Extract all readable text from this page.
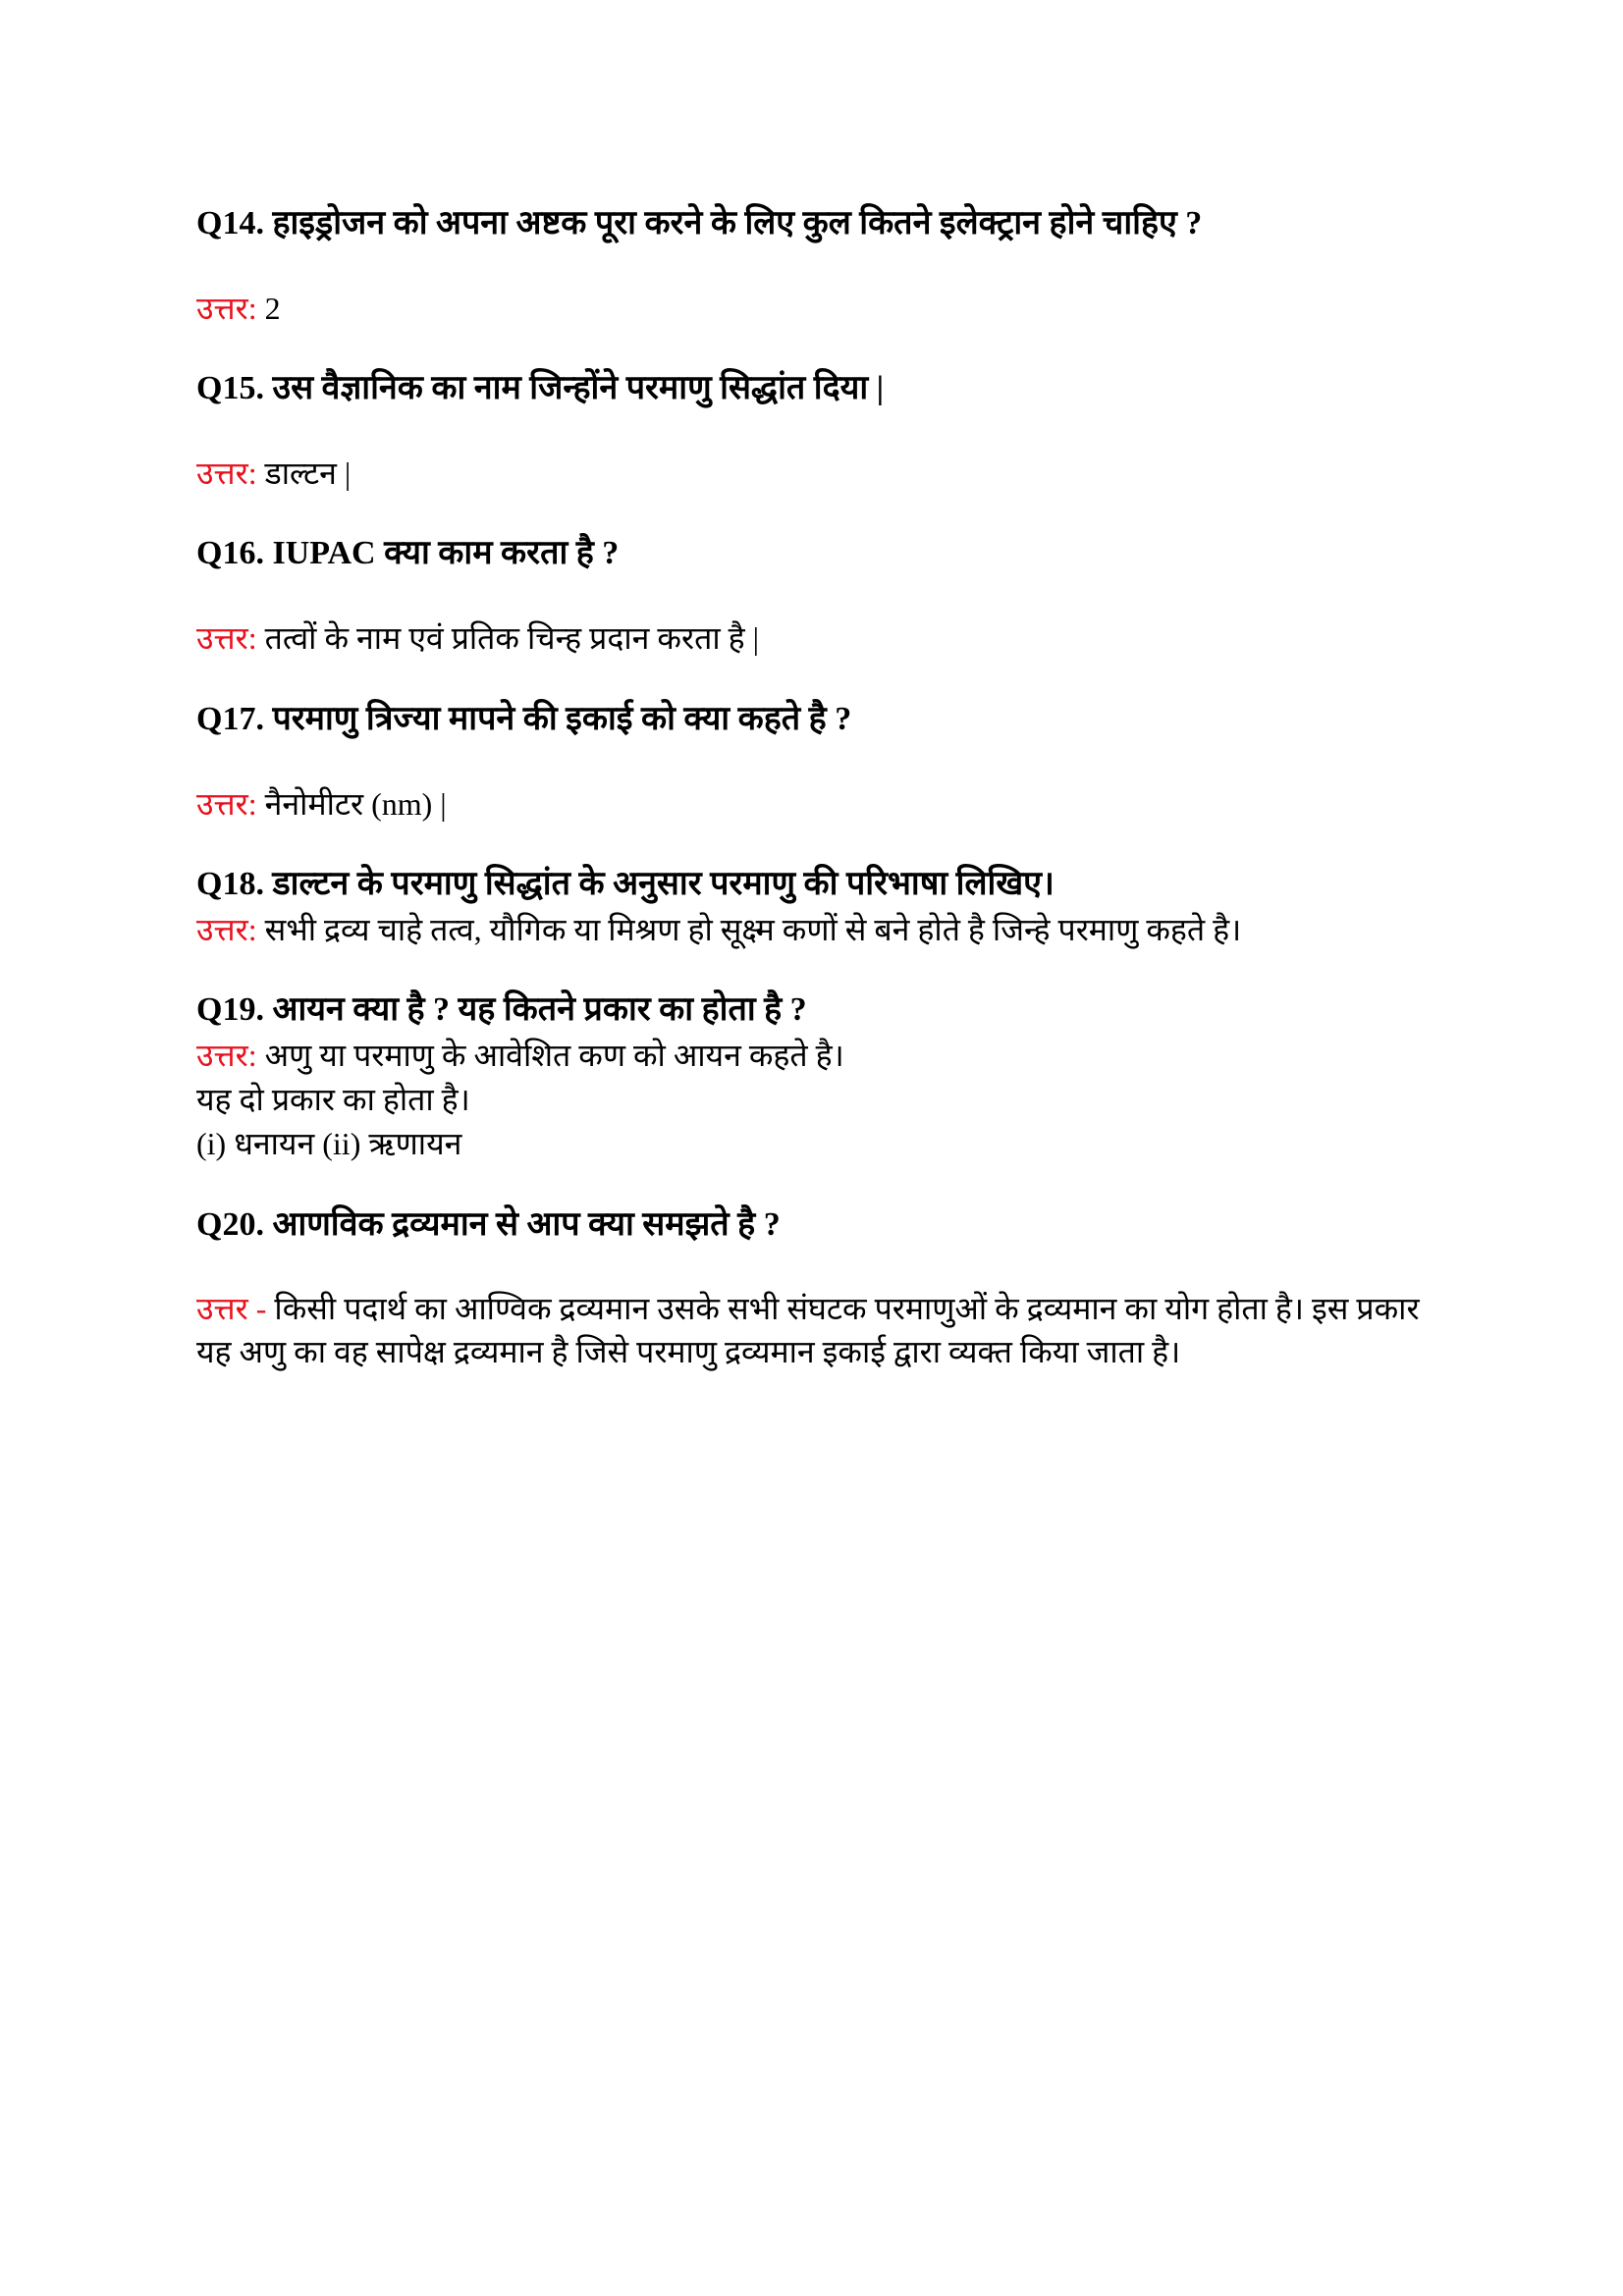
Q14. हाइड्रोजन को अपना अष्टक पूरा करने के लिए कुल कितने इलेक्ट्रान होने चाहिए ?
उत्तर: 2
Q15. उस वैज्ञानिक का नाम जिन्होंने परमाणु सिद्धांत दिया |
उत्तर: डाल्टन |
Q16. IUPAC क्या काम करता है ?
उत्तर: तत्वों के नाम एवं प्रतिक चिन्ह प्रदान करता है |
Q17. परमाणु त्रिज्या मापने की इकाई को क्या कहते है ?
उत्तर: नैनोमीटर (nm) |
Q18. डाल्टन के परमाणु सिद्धांत के अनुसार परमाणु की परिभाषा लिखिए।
उत्तर: सभी द्रव्य चाहे तत्व, यौगिक या मिश्रण हो सूक्ष्म कणों से बने होते है जिन्हे परमाणु कहते है।
Q19. आयन क्या है ? यह कितने प्रकार का होता है ?
उत्तर: अणु या परमाणु के आवेशित कण को आयन कहते है।
यह दो प्रकार का होता है।
(i) धनायन (ii) ऋणायन
Q20. आणविक द्रव्यमान से आप क्या समझते है ?
उत्तर - किसी पदार्थ का आण्विक द्रव्यमान उसके सभी संघटक परमाणुओं के द्रव्यमान का योग होता है। इस प्रकार यह अणु का वह सापेक्ष द्रव्यमान है जिसे परमाणु द्रव्यमान इकाई द्वारा व्यक्त किया जाता है।
